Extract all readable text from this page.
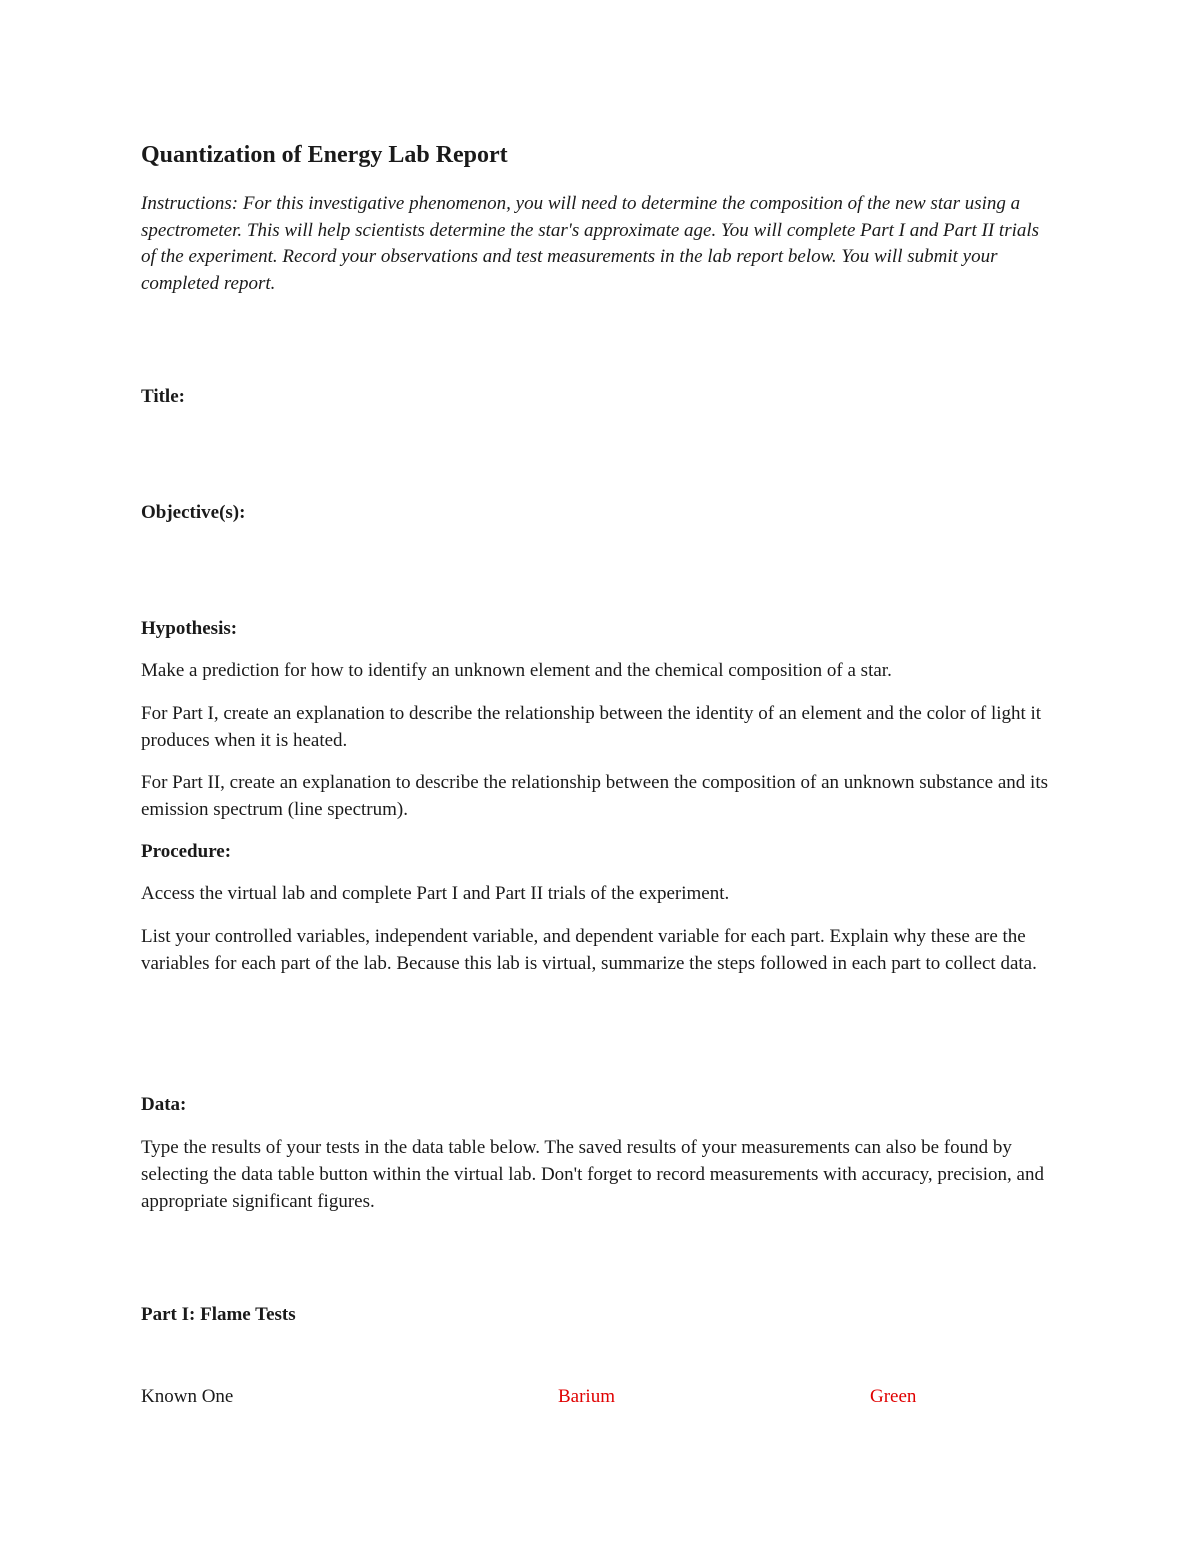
Quantization of Energy Lab Report

Instructions: For this investigative phenomenon, you will need to determine the composition of the new star using a spectrometer. This will help scientists determine the star's approximate age. You will complete Part I and Part II trials of the experiment. Record your observations and test measurements in the lab report below. You will submit your completed report.

Title:
Objective(s):
Hypothesis:

Make a prediction for how to identify an unknown element and the chemical composition of a star.

For Part I, create an explanation to describe the relationship between the identity of an element and the color of light it produces when it is heated.

For Part II, create an explanation to describe the relationship between the composition of an unknown substance and its emission spectrum (line spectrum).

Procedure:

Access the virtual lab and complete Part I and Part II trials of the experiment.

List your controlled variables, independent variable, and dependent variable for each part. Explain why these are the variables for each part of the lab. Because this lab is virtual, summarize the steps followed in each part to collect data.

Data:

Type the results of your tests in the data table below. The saved results of your measurements can also be found by selecting the data table button within the virtual lab. Don't forget to record measurements with accuracy, precision, and appropriate significant figures.

Part I: Flame Tests
Known One	Barium	Green
